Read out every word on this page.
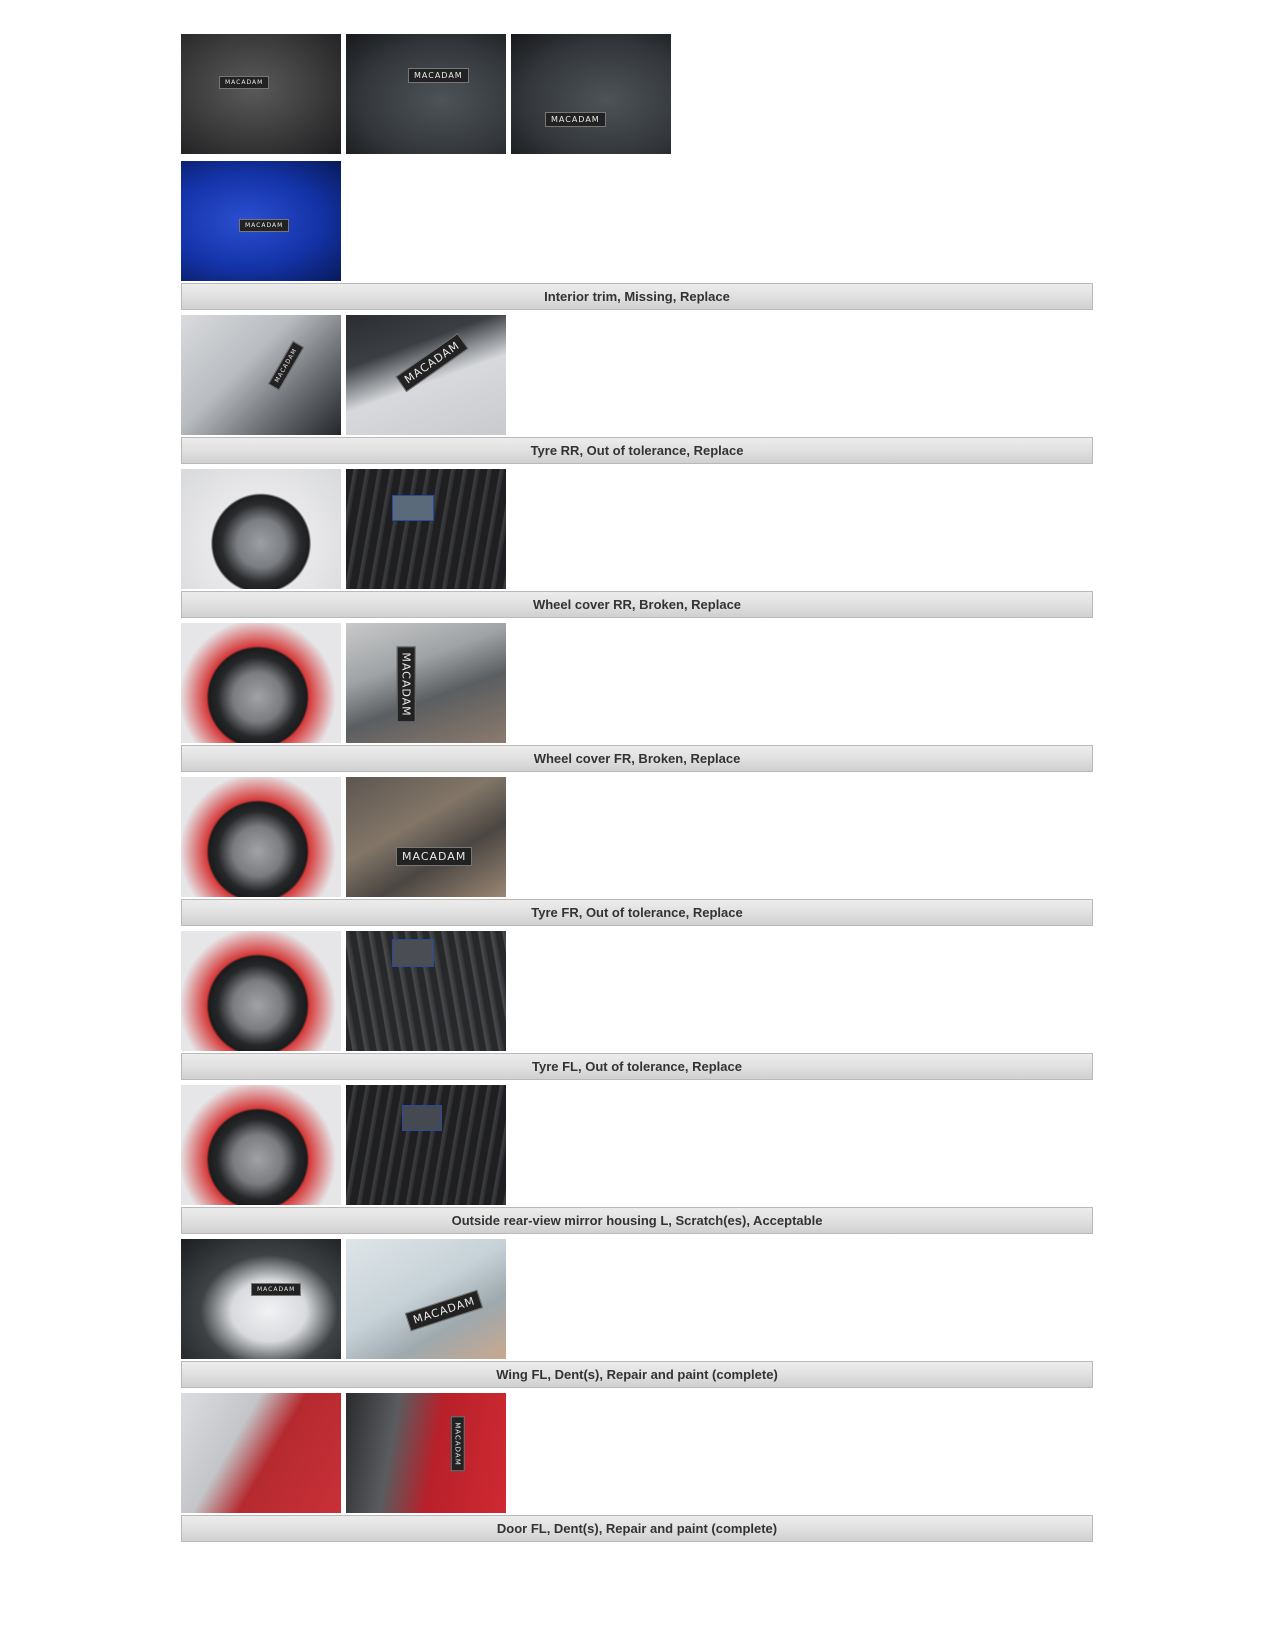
MACADAM
MACADAM
MACADAM
MACADAM
Interior trim, Missing, Replace
MACADAM	MACADAM
Tyre RR, Out of tolerance, Replace
Wheel cover RR, Broken, Replace
MACADAM
Wheel cover FR, Broken, Replace
MACADAM
Tyre FR, Out of tolerance, Replace
Tyre FL, Out of tolerance, Replace
Outside rear-view mirror housing L, Scratch(es), Acceptable
MACADAM
MACADAM
Wing FL, Dent(s), Repair and paint (complete)
MACADAM
Door FL, Dent(s), Repair and paint (complete)
